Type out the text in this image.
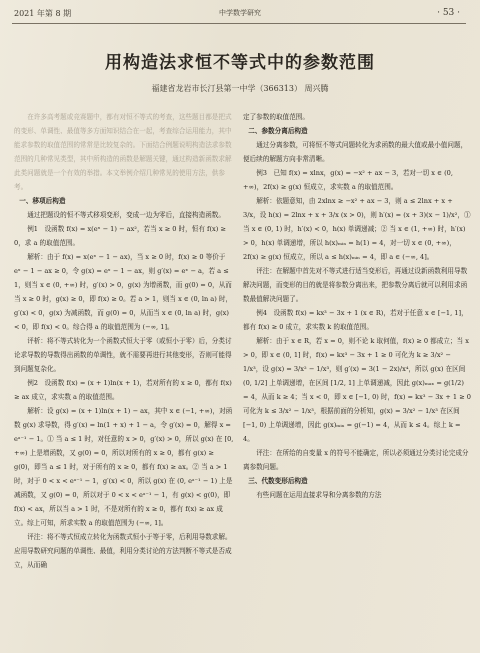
2021 年第 8 期	中学数学研究	· 53 ·
用构造法求恒不等式中的参数范围
福建省龙岩市长汀县第一中学（366313） 周兴腾

在许多高考题或竞赛题中，都有对恒不等式的考查，这些题目都是把式的变形、单调性、最值等多方面知识结合在一起，考查综合运用能力，其中能求参数的取值范围的常常是比较复杂的。下面结合例题说明构造法求参数范围的几种常见类型，其中所构造的函数是解题关键，通过构造新函数求解此类问题就是一个有效的举措。本文举例介绍几种常见的使用方法，供参考。

一、移项后构造

通过把题设的恒不等式移项变形，变成一边为零后，直接构造函数。

例1　设函数 f(x) = x(eˣ − 1) − ax²，若当 x ≥ 0 时，恒有 f(x) ≥ 0，求 a 的取值范围。

解析：由于 f(x) = x(eˣ − 1 − ax)，当 x ≥ 0 时，f(x) ≥ 0 等价于 eˣ − 1 − ax ≥ 0，令 g(x) = eˣ − 1 − ax，则 g′(x) = eˣ − a，若 a ≤ 1，则当 x ∈ (0, +∞) 时，g′(x) > 0，g(x) 为增函数，而 g(0) = 0，从而当 x ≥ 0 时，g(x) ≥ 0，即 f(x) ≥ 0。若 a > 1，则当 x ∈ (0, ln a) 时，g′(x) < 0，g(x) 为减函数，而 g(0) = 0，从而当 x ∈ (0, ln a) 时，g(x) < 0，即 f(x) < 0。综合得 a 的取值范围为 (−∞, 1]。

评析：将不等式转化为一个函数式恒大于零（或恒小于零）后，分类讨论求导数的导数得出函数的单调性，就不需要再进行其他变形，否则可能得到问题复杂化。

例2　设函数 f(x) = (x + 1)ln(x + 1)，若对所有的 x ≥ 0，都有 f(x) ≥ ax 成立，求实数 a 的取值范围。

解析：设 g(x) = (x + 1)ln(x + 1) − ax，其中 x ∈ (−1, +∞)，对函数 g(x) 求导数，得 g′(x) = ln(1 + x) + 1 − a，令 g′(x) = 0，解得 x = eᵃ⁻¹ − 1。① 当 a ≤ 1 时，对任意的 x > 0，g′(x) > 0，所以 g(x) 在 [0, +∞) 上是增函数，又 g(0) = 0，所以对所有的 x ≥ 0，都有 g(x) ≥ g(0)，即当 a ≤ 1 时，对于所有的 x ≥ 0，都有 f(x) ≥ ax。② 当 a > 1 时，对于 0 < x < eᵃ⁻¹ − 1，g′(x) < 0，所以 g(x) 在 (0, eᵃ⁻¹ − 1) 上是减函数，又 g(0) = 0，所以对于 0 < x < eᵃ⁻¹ − 1，有 g(x) < g(0)，即 f(x) < ax，所以当 a > 1 时，不是对所有的 x ≥ 0，都有 f(x) ≥ ax 成立。综上可知，所求实数 a 的取值范围为 (−∞, 1]。

评注：将不等式恒成立转化为函数式恒小于等于零，后利用导数求解。应用导数研究问题的单调性、最值，利用分类讨论的方法判断不等式是否成立，从而确

定了参数的取值范围。

二、参数分离后构造

通过分离参数，可将恒不等式问题转化为求函数的最大值或最小值问题，便后续的解题方向非常清晰。

例3　已知 f(x) = xlnx，g(x) = −x² + ax − 3，若对一切 x ∈ (0, +∞)，2f(x) ≥ g(x) 恒成立，求实数 a 的取值范围。

解析：依题意知，由 2xlnx ≥ −x² + ax − 3，则 a ≤ 2lnx + x + 3/x，设 h(x) = 2lnx + x + 3/x (x > 0)，则 h′(x) = (x + 3)(x − 1)/x²，① 当 x ∈ (0, 1) 时，h′(x) < 0，h(x) 单调递减；② 当 x ∈ (1, +∞) 时，h′(x) > 0，h(x) 单调递增，所以 h(x)ₘᵢₙ = h(1) = 4，对一切 x ∈ (0, +∞)，2f(x) ≥ g(x) 恒成立，所以 a ≤ h(x)ₘᵢₙ = 4，即 a ∈ (−∞, 4]。

评注：在解题中首先对不等式进行适当变形后，再通过设新函数利用导数解决问题，而变形的目的就是将参数分离出来，把参数分离后就可以利用求函数最值解决问题了。

例4　设函数 f(x) = kx³ − 3x + 1 (x ∈ R)，若对于任意 x ∈ [−1, 1]，都有 f(x) ≥ 0 成立，求实数 k 的取值范围。

解析：由于 x ∈ R，若 x = 0，则不论 k 取何值，f(x) ≥ 0 都成立；当 x > 0，即 x ∈ (0, 1] 时，f(x) = kx³ − 3x + 1 ≥ 0 可化为 k ≥ 3/x² − 1/x³，设 g(x) = 3/x² − 1/x³，则 g′(x) = 3(1 − 2x)/x⁴，所以 g(x) 在区间 (0, 1/2] 上单调递增，在区间 [1/2, 1] 上单调递减，因此 g(x)ₘₐₓ = g(1/2) = 4，从而 k ≥ 4；当 x < 0，即 x ∈ [−1, 0) 时，f(x) = kx³ − 3x + 1 ≥ 0 可化为 k ≤ 3/x² − 1/x³，根据前面的分析知，g(x) = 3/x² − 1/x³ 在区间 [−1, 0) 上单调递增，因此 g(x)ₘᵢₙ = g(−1) = 4，从而 k ≤ 4。综上 k = 4。

评注：在所给的自变量 x 的符号不能确定，所以必须通过分类讨论完成分离参数问题。

三、代数变形后构造

有些问题在运用直接求导和分离参数的方法
